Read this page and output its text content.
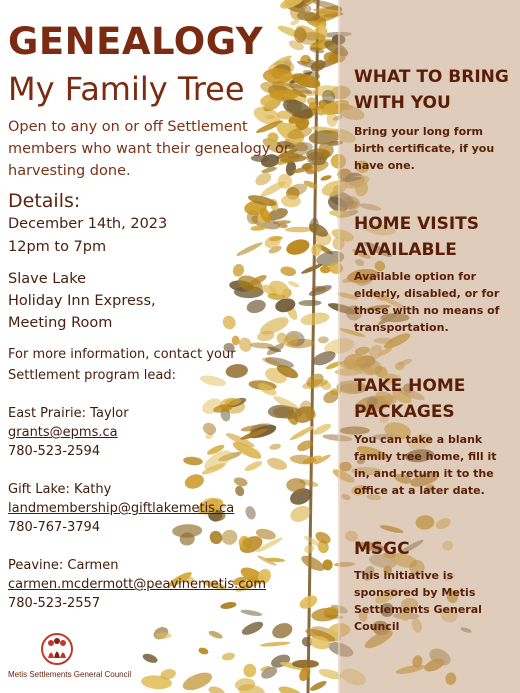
GENEALOGY
My Family Tree
Open to any on or off Settlement members who want their genealogy or harvesting done.
Details:
December 14th, 2023
12pm to 7pm
Slave Lake
Holiday Inn Express,
Meeting Room
For more information, contact your Settlement program lead:
East Prairie: Taylor
grants@epms.ca
780-523-2594
Gift Lake: Kathy
landmembership@giftlakemetis.ca
780-767-3794
Peavine: Carmen
carmen.mcdermott@peavinemetis.com
780-523-2557
WHAT TO BRING WITH YOU
Bring your long form birth certificate, if you have one.
HOME VISITS AVAILABLE
Available option for elderly, disabled, or for those with no means of transportation.
TAKE HOME PACKAGES
You can take a blank family tree home, fill it in, and return it to the office at a later date.
MSGC
This initiative is sponsored by Metis Settlements General Council
Metis Settlements General Council
